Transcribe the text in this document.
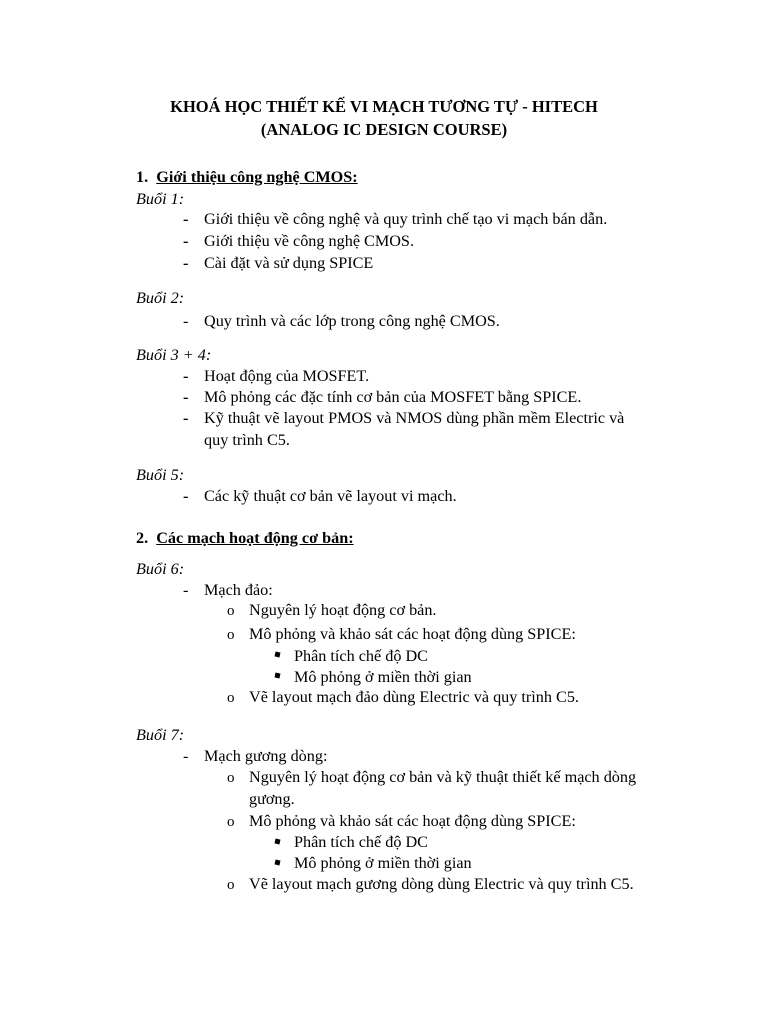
KHOÁ HỌC THIẾT KẾ VI MẠCH TƯƠNG TỰ - HITECH
(ANALOG IC DESIGN COURSE)
1. Giới thiệu công nghệ CMOS:
Buổi 1:
- Giới thiệu về công nghệ và quy trình chế tạo vi mạch bán dẫn.
- Giới thiệu về công nghệ CMOS.
- Cài đặt và sử dụng SPICE
Buổi 2:
- Quy trình và các lớp trong công nghệ CMOS.
Buổi 3 + 4:
- Hoạt động của MOSFET.
- Mô phỏng các đặc tính cơ bản của MOSFET bằng SPICE.
- Kỹ thuật vẽ layout PMOS và NMOS dùng phần mềm Electric và
quy trình C5.
Buổi 5:
- Các kỹ thuật cơ bản vẽ layout vi mạch.
2. Các mạch hoạt động cơ bản:
Buổi 6:
- Mạch đảo:
o Nguyên lý hoạt động cơ bản.
o Mô phỏng và khảo sát các hoạt động dùng SPICE:
Phân tích chế độ DC
Mô phỏng ở miền thời gian
o Vẽ layout mạch đảo dùng Electric và quy trình C5.
Buổi 7:
- Mạch gương dòng:
o Nguyên lý hoạt động cơ bản và kỹ thuật thiết kế mạch dòng
gương.
o Mô phỏng và khảo sát các hoạt động dùng SPICE:
Phân tích chế độ DC
Mô phỏng ở miền thời gian
o Vẽ layout mạch gương dòng dùng Electric và quy trình C5.
